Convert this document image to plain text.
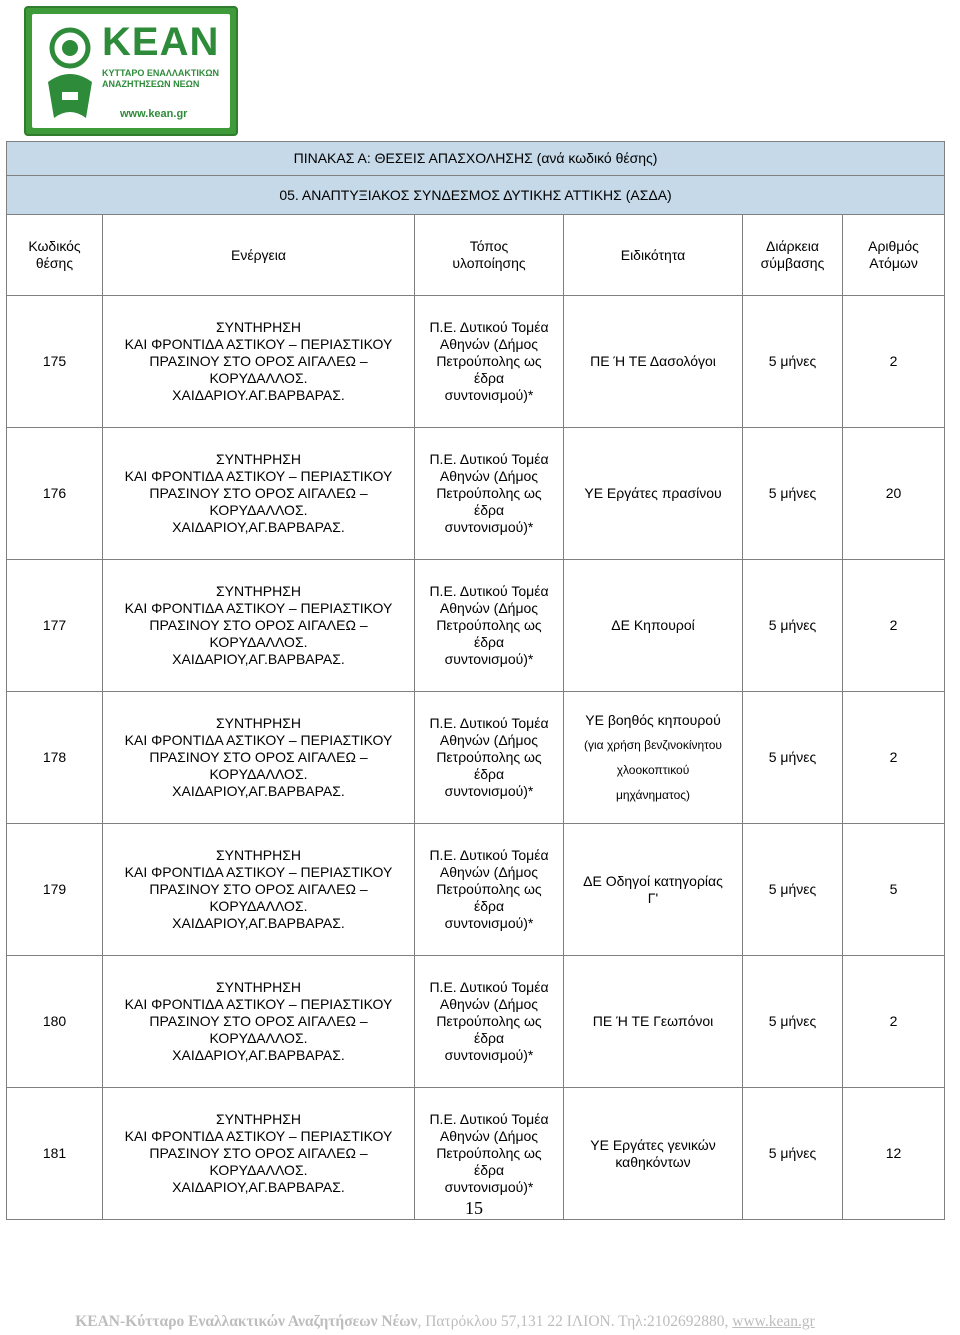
ΚΕΑΝ
ΚΥΤΤΑΡΟ ΕΝΑΛΛΑΚΤΙΚΩΝ ΑΝΑΖΗΤΗΣΕΩΝ ΝΕΩΝ
www.kean.gr
ΠΙΝΑΚΑΣ Α: ΘΕΣΕΙΣ ΑΠΑΣΧΟΛΗΣΗΣ (ανά κωδικό θέσης)					
05. ΑΝΑΠΤΥΞΙΑΚΟΣ ΣΥΝΔΕΣΜΟΣ ΔΥΤΙΚΗΣ ΑΤΤΙΚΗΣ (ΑΣΔΑ)					
Κωδικός
θέσης	Ενέργεια	Τόπος
υλοποίησης	Ειδικότητα	Διάρκεια
σύμβασης	Αριθμός
Ατόμων
175	ΣΥΝΤΗΡΗΣΗ
ΚΑΙ ΦΡΟΝΤΙΔΑ ΑΣΤΙΚΟΥ – ΠΕΡΙΑΣΤΙΚΟΥ
ΠΡΑΣΙΝΟΥ ΣΤΟ ΟΡΟΣ ΑΙΓΑΛΕΩ –
ΚΟΡΥΔΑΛΛΟΣ.
ΧΑΙΔΑΡΙΟΥ.ΑΓ.ΒΑΡΒΑΡΑΣ.	Π.Ε. Δυτικού Τομέα
Αθηνών (Δήμος
Πετρούπολης ως
έδρα
συντονισμού)*	ΠΕ Ή ΤΕ Δασολόγοι	5 μήνες	2
176	ΣΥΝΤΗΡΗΣΗ
ΚΑΙ ΦΡΟΝΤΙΔΑ ΑΣΤΙΚΟΥ – ΠΕΡΙΑΣΤΙΚΟΥ
ΠΡΑΣΙΝΟΥ ΣΤΟ ΟΡΟΣ ΑΙΓΑΛΕΩ –
ΚΟΡΥΔΑΛΛΟΣ.
ΧΑΙΔΑΡΙΟΥ,ΑΓ.ΒΑΡΒΑΡΑΣ.	Π.Ε. Δυτικού Τομέα
Αθηνών (Δήμος
Πετρούπολης ως
έδρα
συντονισμού)*	ΥΕ Εργάτες πρασίνου	5 μήνες	20
177	ΣΥΝΤΗΡΗΣΗ
ΚΑΙ ΦΡΟΝΤΙΔΑ ΑΣΤΙΚΟΥ – ΠΕΡΙΑΣΤΙΚΟΥ
ΠΡΑΣΙΝΟΥ ΣΤΟ ΟΡΟΣ ΑΙΓΑΛΕΩ –
ΚΟΡΥΔΑΛΛΟΣ.
ΧΑΙΔΑΡΙΟΥ,ΑΓ.ΒΑΡΒΑΡΑΣ.	Π.Ε. Δυτικού Τομέα
Αθηνών (Δήμος
Πετρούπολης ως
έδρα
συντονισμού)*	ΔΕ Κηπουροί	5 μήνες	2
178	ΣΥΝΤΗΡΗΣΗ
ΚΑΙ ΦΡΟΝΤΙΔΑ ΑΣΤΙΚΟΥ – ΠΕΡΙΑΣΤΙΚΟΥ
ΠΡΑΣΙΝΟΥ ΣΤΟ ΟΡΟΣ ΑΙΓΑΛΕΩ –
ΚΟΡΥΔΑΛΛΟΣ.
ΧΑΙΔΑΡΙΟΥ,ΑΓ.ΒΑΡΒΑΡΑΣ.	Π.Ε. Δυτικού Τομέα
Αθηνών (Δήμος
Πετρούπολης ως
έδρα
συντονισμού)*	ΥΕ βοηθός κηπουρού
(για χρήση βενζινοκίνητου
χλοοκοπτικού
μηχάνηματος)	5 μήνες	2
179	ΣΥΝΤΗΡΗΣΗ
ΚΑΙ ΦΡΟΝΤΙΔΑ ΑΣΤΙΚΟΥ – ΠΕΡΙΑΣΤΙΚΟΥ
ΠΡΑΣΙΝΟΥ ΣΤΟ ΟΡΟΣ ΑΙΓΑΛΕΩ –
ΚΟΡΥΔΑΛΛΟΣ.
ΧΑΙΔΑΡΙΟΥ,ΑΓ.ΒΑΡΒΑΡΑΣ.	Π.Ε. Δυτικού Τομέα
Αθηνών (Δήμος
Πετρούπολης ως
έδρα
συντονισμού)*	ΔΕ Οδηγοί κατηγορίας
Γ'	5 μήνες	5
180	ΣΥΝΤΗΡΗΣΗ
ΚΑΙ ΦΡΟΝΤΙΔΑ ΑΣΤΙΚΟΥ – ΠΕΡΙΑΣΤΙΚΟΥ
ΠΡΑΣΙΝΟΥ ΣΤΟ ΟΡΟΣ ΑΙΓΑΛΕΩ –
ΚΟΡΥΔΑΛΛΟΣ.
ΧΑΙΔΑΡΙΟΥ,ΑΓ.ΒΑΡΒΑΡΑΣ.	Π.Ε. Δυτικού Τομέα
Αθηνών (Δήμος
Πετρούπολης ως
έδρα
συντονισμού)*	ΠΕ Ή ΤΕ Γεωπόνοι	5 μήνες	2
181	ΣΥΝΤΗΡΗΣΗ
ΚΑΙ ΦΡΟΝΤΙΔΑ ΑΣΤΙΚΟΥ – ΠΕΡΙΑΣΤΙΚΟΥ
ΠΡΑΣΙΝΟΥ ΣΤΟ ΟΡΟΣ ΑΙΓΑΛΕΩ –
ΚΟΡΥΔΑΛΛΟΣ.
ΧΑΙΔΑΡΙΟΥ,ΑΓ.ΒΑΡΒΑΡΑΣ.	Π.Ε. Δυτικού Τομέα
Αθηνών (Δήμος
Πετρούπολης ως
έδρα
συντονισμού)*	ΥΕ Εργάτες γενικών
καθηκόντων	5 μήνες	12
15
ΚΕΑΝ-Κύτταρο Εναλλακτικών Αναζητήσεων Νέων, Πατρόκλου 57,131 22 ΙΛΙΟΝ. Τηλ:2102692880, www.kean.gr
